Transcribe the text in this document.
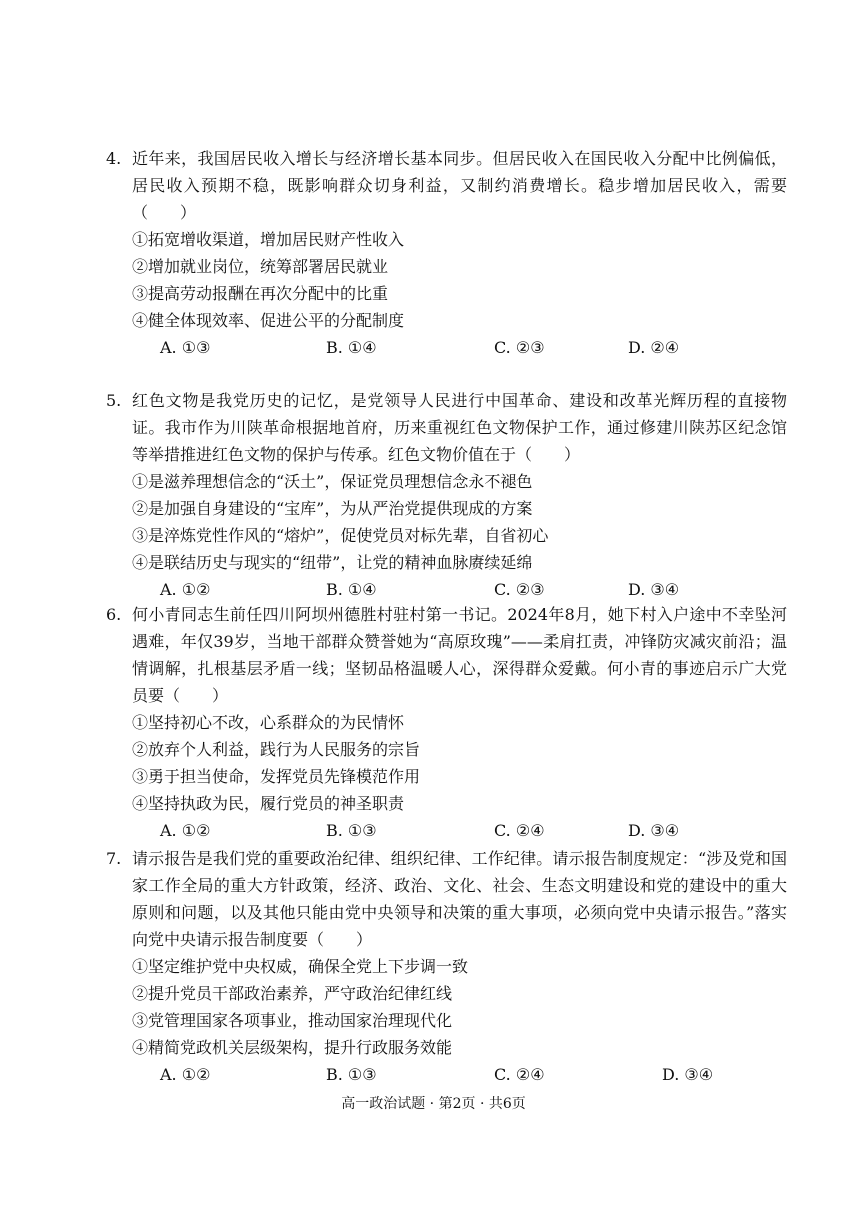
4. 近年来，我国居民收入增长与经济增长基本同步。但居民收入在国民收入分配中比例偏低，居民收入预期不稳，既影响群众切身利益，又制约消费增长。稳步增加居民收入，需要（　　）
①拓宽增收渠道，增加居民财产性收入
②增加就业岗位，统筹部署居民就业
③提高劳动报酬在再次分配中的比重
④健全体现效率、促进公平的分配制度
A. ①③	B. ①④	C. ②③	D. ②④
5. 红色文物是我党历史的记忆，是党领导人民进行中国革命、建设和改革光辉历程的直接物证。我市作为川陕革命根据地首府，历来重视红色文物保护工作，通过修建川陕苏区纪念馆等举措推进红色文物的保护与传承。红色文物价值在于（　　）
①是滋养理想信念的“沃土”，保证党员理想信念永不褪色
②是加强自身建设的“宝库”，为从严治党提供现成的方案
③是淬炼党性作风的“熔炉”，促使党员对标先辈，自省初心
④是联结历史与现实的“纽带”，让党的精神血脉赓续延绵
A. ①②	B. ①④	C. ②③	D. ③④
6. 何小青同志生前任四川阿坝州德胜村驻村第一书记。2024年8月，她下村入户途中不幸坠河遇难，年仅39岁，当地干部群众赞誉她为“高原玫瑰”——柔肩扛责，冲锋防灾减灾前沿；温情调解，扎根基层矛盾一线；坚韧品格温暖人心，深得群众爱戴。何小青的事迹启示广大党员要（　　）
①坚持初心不改，心系群众的为民情怀
②放弃个人利益，践行为人民服务的宗旨
③勇于担当使命，发挥党员先锋模范作用
④坚持执政为民，履行党员的神圣职责
A. ①②	B. ①③	C. ②④	D. ③④
7. 请示报告是我们党的重要政治纪律、组织纪律、工作纪律。请示报告制度规定：“涉及党和国家工作全局的重大方针政策，经济、政治、文化、社会、生态文明建设和党的建设中的重大原则和问题，以及其他只能由党中央领导和决策的重大事项，必须向党中央请示报告。”落实向党中央请示报告制度要（　　）
①坚定维护党中央权威，确保全党上下步调一致
②提升党员干部政治素养，严守政治纪律红线
③党管理国家各项事业，推动国家治理现代化
④精简党政机关层级架构，提升行政服务效能
A. ①②	B. ①③	C. ②④	D. ③④
高一政治试题 · 第2页 · 共6页
